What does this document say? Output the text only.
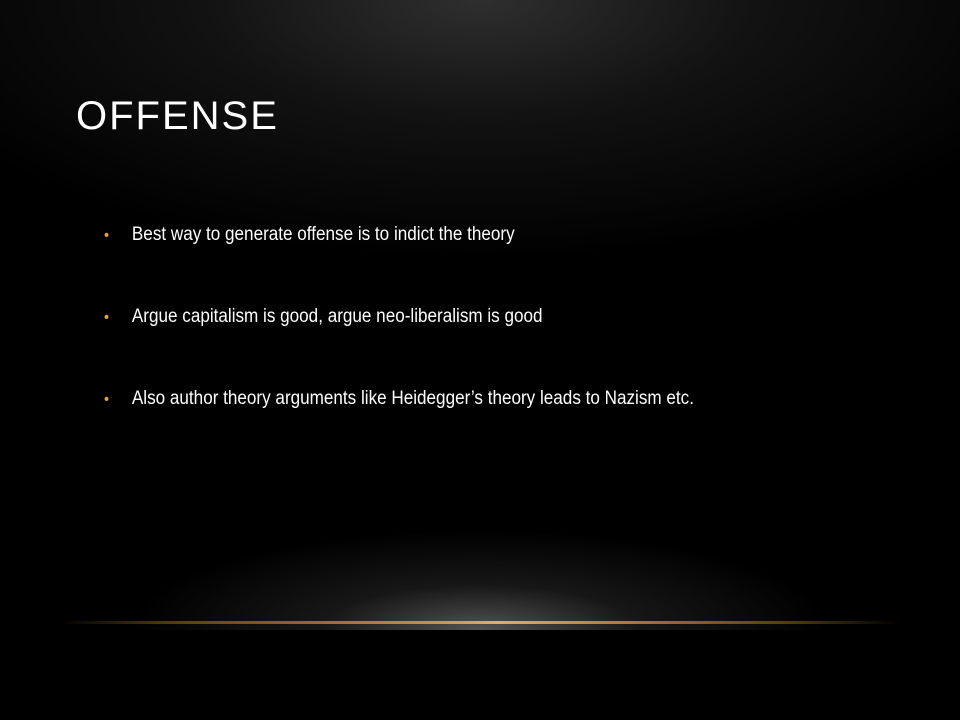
OFFENSE
•	Best way to generate offense is to indict the theory
•	Argue capitalism is good, argue neo-liberalism is good
•	Also author theory arguments like Heidegger’s theory leads to Nazism etc.
